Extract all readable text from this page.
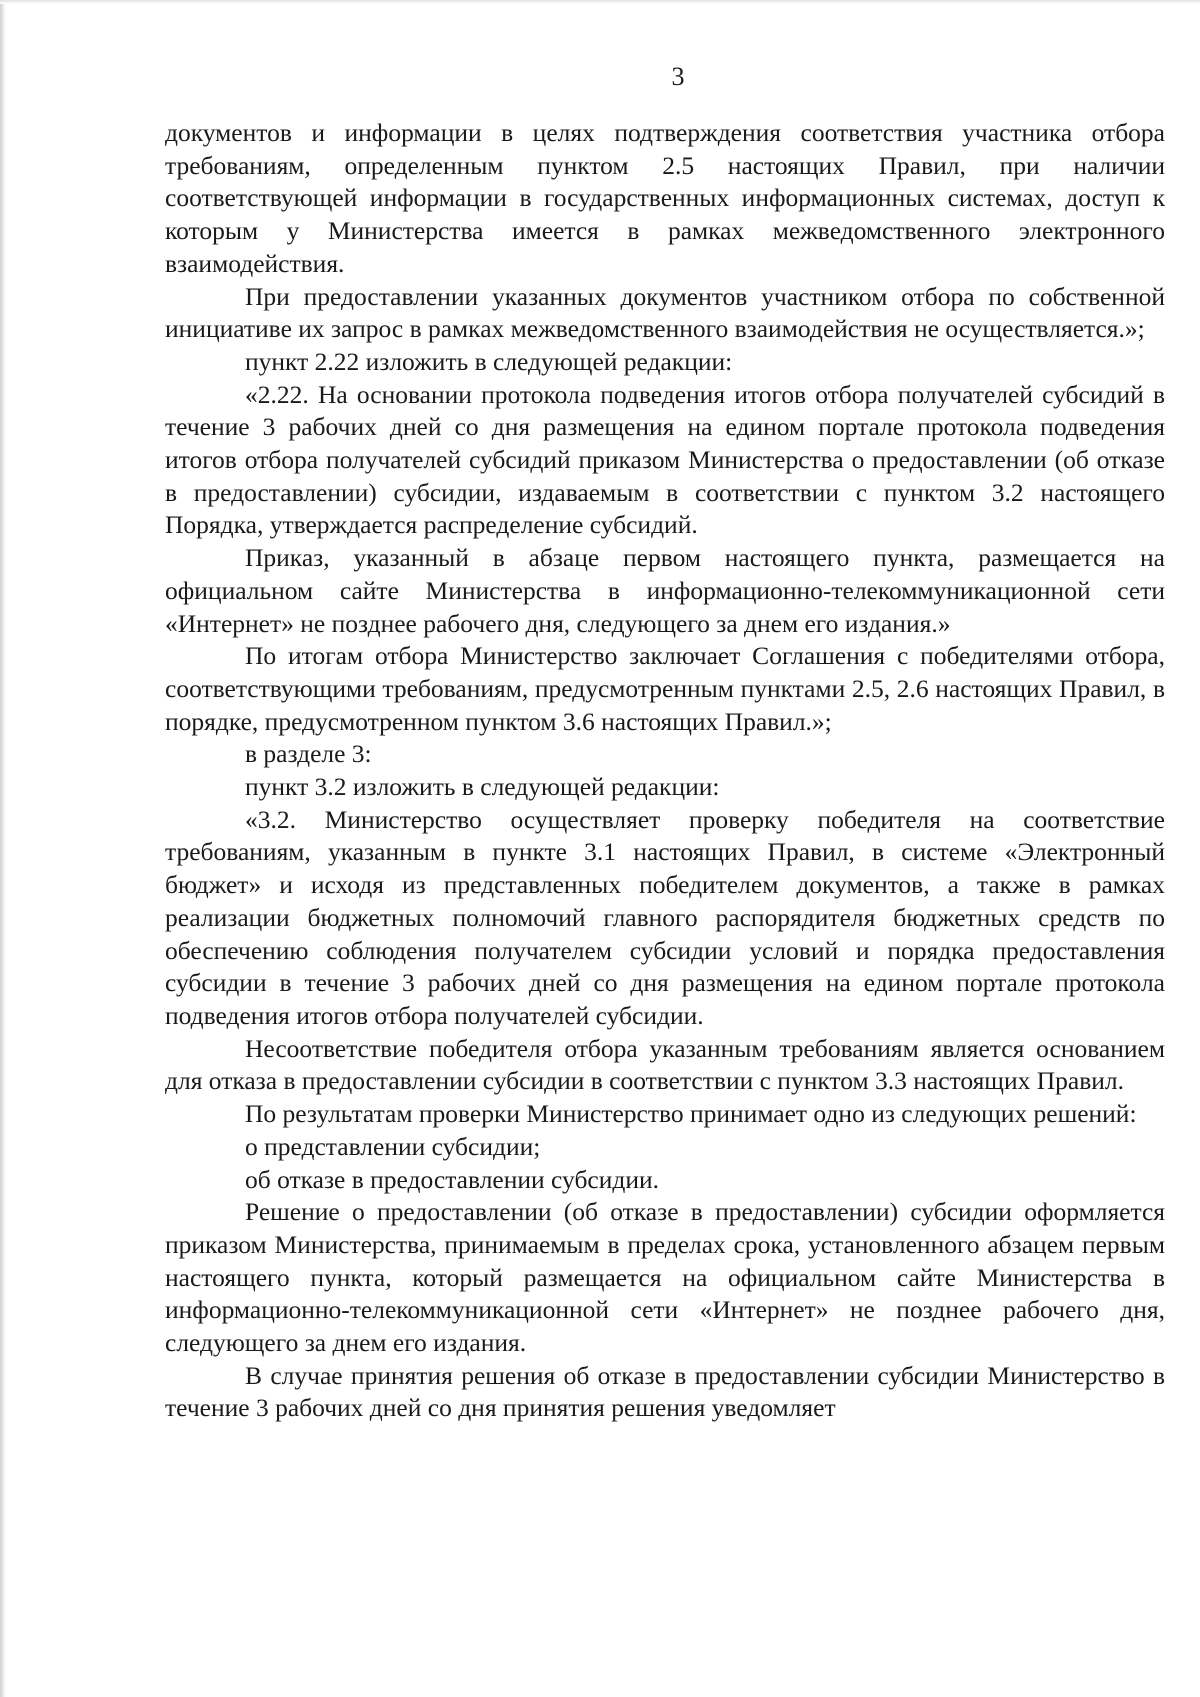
3

документов и информации в целях подтверждения соответствия участника отбора требованиям, определенным пунктом 2.5 настоящих Правил, при наличии соответствующей информации в государственных информационных системах, доступ к которым у Министерства имеется в рамках межведомственного электронного взаимодействия.

При предоставлении указанных документов участником отбора по собственной инициативе их запрос в рамках межведомственного взаимодействия не осуществляется.»;

пункт 2.22 изложить в следующей редакции:

«2.22. На основании протокола подведения итогов отбора получателей субсидий в течение 3 рабочих дней со дня размещения на едином портале протокола подведения итогов отбора получателей субсидий приказом Министерства о предоставлении (об отказе в предоставлении) субсидии, издаваемым в соответствии с пунктом 3.2 настоящего Порядка, утверждается распределение субсидий.

Приказ, указанный в абзаце первом настоящего пункта, размещается на официальном сайте Министерства в информационно-телекоммуникационной сети «Интернет» не позднее рабочего дня, следующего за днем его издания.»

По итогам отбора Министерство заключает Соглашения с победителями отбора, соответствующими требованиям, предусмотренным пунктами 2.5, 2.6 настоящих Правил, в порядке, предусмотренном пунктом 3.6 настоящих Правил.»;

в разделе 3:

пункт 3.2 изложить в следующей редакции:

«3.2. Министерство осуществляет проверку победителя на соответствие требованиям, указанным в пункте 3.1 настоящих Правил, в системе «Электронный бюджет» и исходя из представленных победителем документов, а также в рамках реализации бюджетных полномочий главного распорядителя бюджетных средств по обеспечению соблюдения получателем субсидии условий и порядка предоставления субсидии в течение 3 рабочих дней со дня размещения на едином портале протокола подведения итогов отбора получателей субсидии.

Несоответствие победителя отбора указанным требованиям является основанием для отказа в предоставлении субсидии в соответствии с пунктом 3.3 настоящих Правил.

По результатам проверки Министерство принимает одно из следующих решений:

о представлении субсидии;

об отказе в предоставлении субсидии.

Решение о предоставлении (об отказе в предоставлении) субсидии оформляется приказом Министерства, принимаемым в пределах срока, установленного абзацем первым настоящего пункта, который размещается на официальном сайте Министерства в информационно-телекоммуникационной сети «Интернет» не позднее рабочего дня, следующего за днем его издания.

В случае принятия решения об отказе в предоставлении субсидии Министерство в течение 3 рабочих дней со дня принятия решения уведомляет
